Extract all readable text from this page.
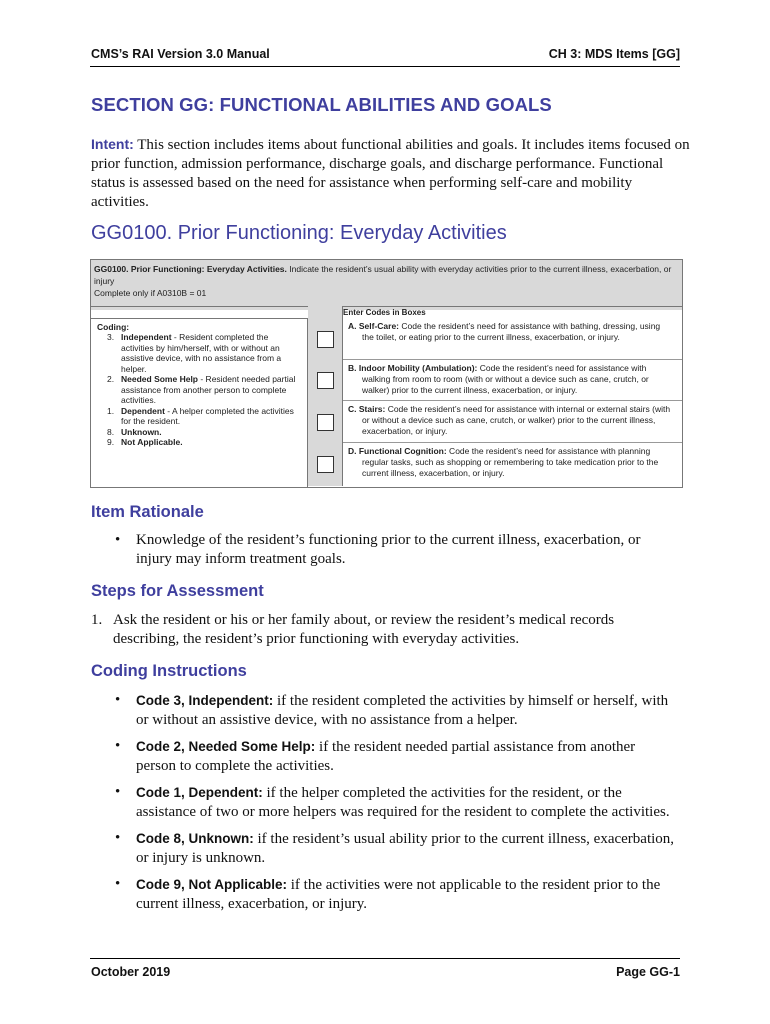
CMS’s RAI Version 3.0 Manual	CH 3: MDS Items [GG]
SECTION GG: FUNCTIONAL ABILITIES AND GOALS
Intent: This section includes items about functional abilities and goals. It includes items focused on prior function, admission performance, discharge goals, and discharge performance. Functional status is assessed based on the need for assistance when performing self-care and mobility activities.
GG0100. Prior Functioning: Everyday Activities
GG0100. Prior Functioning: Everyday Activities. Indicate the resident’s usual ability with everyday activities prior to the current illness, exacerbation, or injury
Complete only if A0310B = 01
Enter Codes in Boxes
Coding:
3. Independent - Resident completed the activities by him/herself, with or without an assistive device, with no assistance from a helper.
2. Needed Some Help - Resident needed partial assistance from another person to complete activities.
1. Dependent - A helper completed the activities for the resident.
8. Unknown.
9. Not Applicable.
A. Self-Care: Code the resident’s need for assistance with bathing, dressing, using
the toilet, or eating prior to the current illness, exacerbation, or injury.
B. Indoor Mobility (Ambulation): Code the resident’s need for assistance with
walking from room to room (with or without a device such as cane, crutch, or walker) prior to the current illness, exacerbation, or injury.
C. Stairs: Code the resident’s need for assistance with internal or external stairs (with
or without a device such as cane, crutch, or walker) prior to the current illness, exacerbation, or injury.
D. Functional Cognition: Code the resident’s need for assistance with planning
regular tasks, such as shopping or remembering to take medication prior to the current illness, exacerbation, or injury.
Item Rationale
•	Knowledge of the resident’s functioning prior to the current illness, exacerbation, or injury may inform treatment goals.
Steps for Assessment
1. Ask the resident or his or her family about, or review the resident’s medical records describing, the resident’s prior functioning with everyday activities.
Coding Instructions
•	Code 3, Independent: if the resident completed the activities by himself or herself, with or without an assistive device, with no assistance from a helper.
•	Code 2, Needed Some Help: if the resident needed partial assistance from another person to complete the activities.
•	Code 1, Dependent: if the helper completed the activities for the resident, or the assistance of two or more helpers was required for the resident to complete the activities.
•	Code 8, Unknown: if the resident’s usual ability prior to the current illness, exacerbation, or injury is unknown.
•	Code 9, Not Applicable: if the activities were not applicable to the resident prior to the current illness, exacerbation, or injury.
October 2019	Page GG-1
